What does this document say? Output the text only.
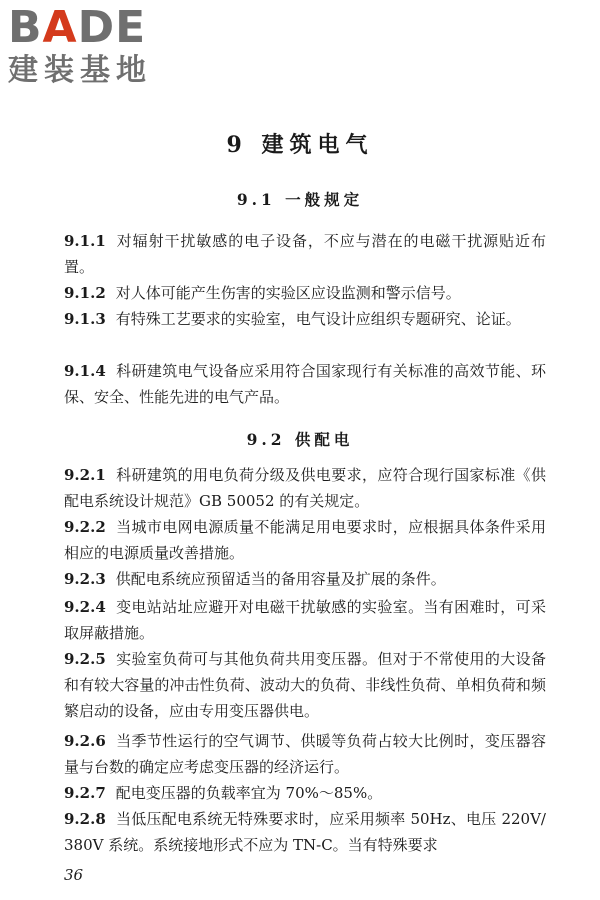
BADE
建装基地
9 建筑电气
9.1 一般规定
9.1.1 对辐射干扰敏感的电子设备，不应与潜在的电磁干扰源贴近布置。
9.1.2 对人体可能产生伤害的实验区应设监测和警示信号。
9.1.3 有特殊工艺要求的实验室，电气设计应组织专题研究、论证。
9.1.4 科研建筑电气设备应采用符合国家现行有关标准的高效节能、环保、安全、性能先进的电气产品。
9.2 供配电
9.2.1 科研建筑的用电负荷分级及供电要求，应符合现行国家标准《供配电系统设计规范》GB 50052 的有关规定。
9.2.2 当城市电网电源质量不能满足用电要求时，应根据具体条件采用相应的电源质量改善措施。
9.2.3 供配电系统应预留适当的备用容量及扩展的条件。
9.2.4 变电站站址应避开对电磁干扰敏感的实验室。当有困难时，可采取屏蔽措施。
9.2.5 实验室负荷可与其他负荷共用变压器。但对于不常使用的大设备和有较大容量的冲击性负荷、波动大的负荷、非线性负荷、单相负荷和频繁启动的设备，应由专用变压器供电。
9.2.6 当季节性运行的空气调节、供暖等负荷占较大比例时，变压器容量与台数的确定应考虑变压器的经济运行。
9.2.7 配电变压器的负载率宜为 70%～85%。
9.2.8 当低压配电系统无特殊要求时，应采用频率 50Hz、电压 220V/380V 系统。系统接地形式不应为 TN-C。当有特殊要求
36
